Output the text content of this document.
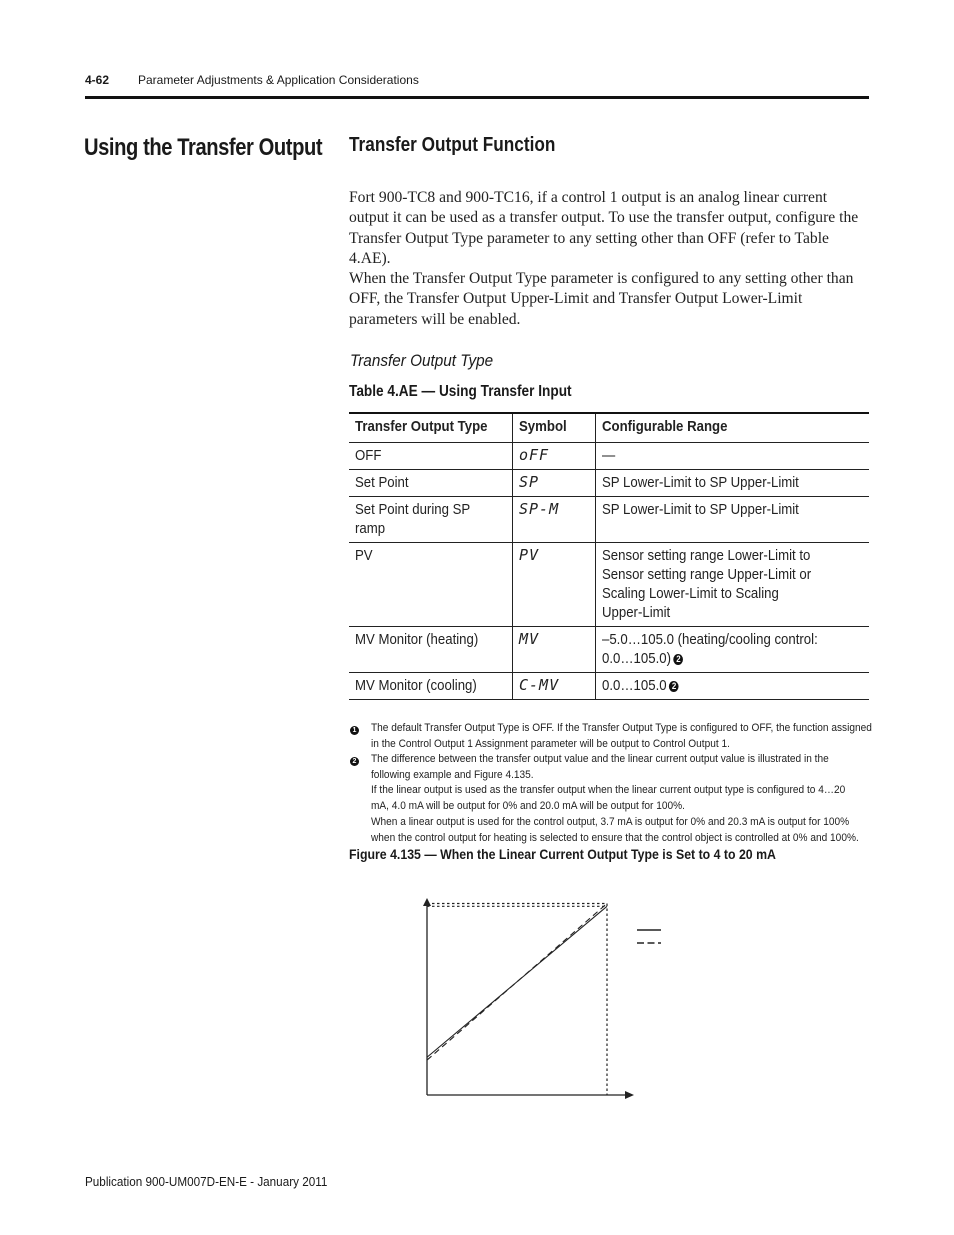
4-62 Parameter Adjustments & Application Considerations
Using the Transfer Output Transfer Output Function
Fort 900-TC8 and 900-TC16, if a control 1 output is an analog linear current output it can be used as a transfer output. To use the transfer output, configure the Transfer Output Type parameter to any setting other than OFF (refer to Table 4.AE).
When the Transfer Output Type parameter is configured to any setting other than OFF, the Transfer Output Upper-Limit and Transfer Output Lower-Limit parameters will be enabled.
Transfer Output Type
Table 4.AE — Using Transfer Input
Transfer Output Type	Symbol	Configurable Range

OFF	oFF	—

Set Point	SP	SP Lower-Limit to SP Upper-Limit

Set Point during SP
ramp	SP-M	SP Lower-Limit to SP Upper-Limit

PV	PV	Sensor setting range Lower-Limit to
Sensor setting range Upper-Limit or
Scaling Lower-Limit to Scaling
Upper-Limit

MV Monitor (heating)	MV	–5.0…105.0 (heating/cooling control:
0.0…105.0) 2

MV Monitor (cooling)	C-MV	0.0…105.0 2
1 The default Transfer Output Type is OFF. If the Transfer Output Type is configured to OFF, the function assigned
in the Control Output 1 Assignment parameter will be output to Control Output 1.
2 The difference between the transfer output value and the linear current output value is illustrated in the
following example and Figure 4.135.
If the linear output is used as the transfer output when the linear current output type is configured to 4…20
mA, 4.0 mA will be output for 0% and 20.0 mA will be output for 100%.
When a linear output is used for the control output, 3.7 mA is output for 0% and 20.3 mA is output for 100%
when the control output for heating is selected to ensure that the control object is controlled at 0% and 100%.
Figure 4.135 — When the Linear Current Output Type is Set to 4 to 20 mA
Publication 900-UM007D-EN-E - January 2011
